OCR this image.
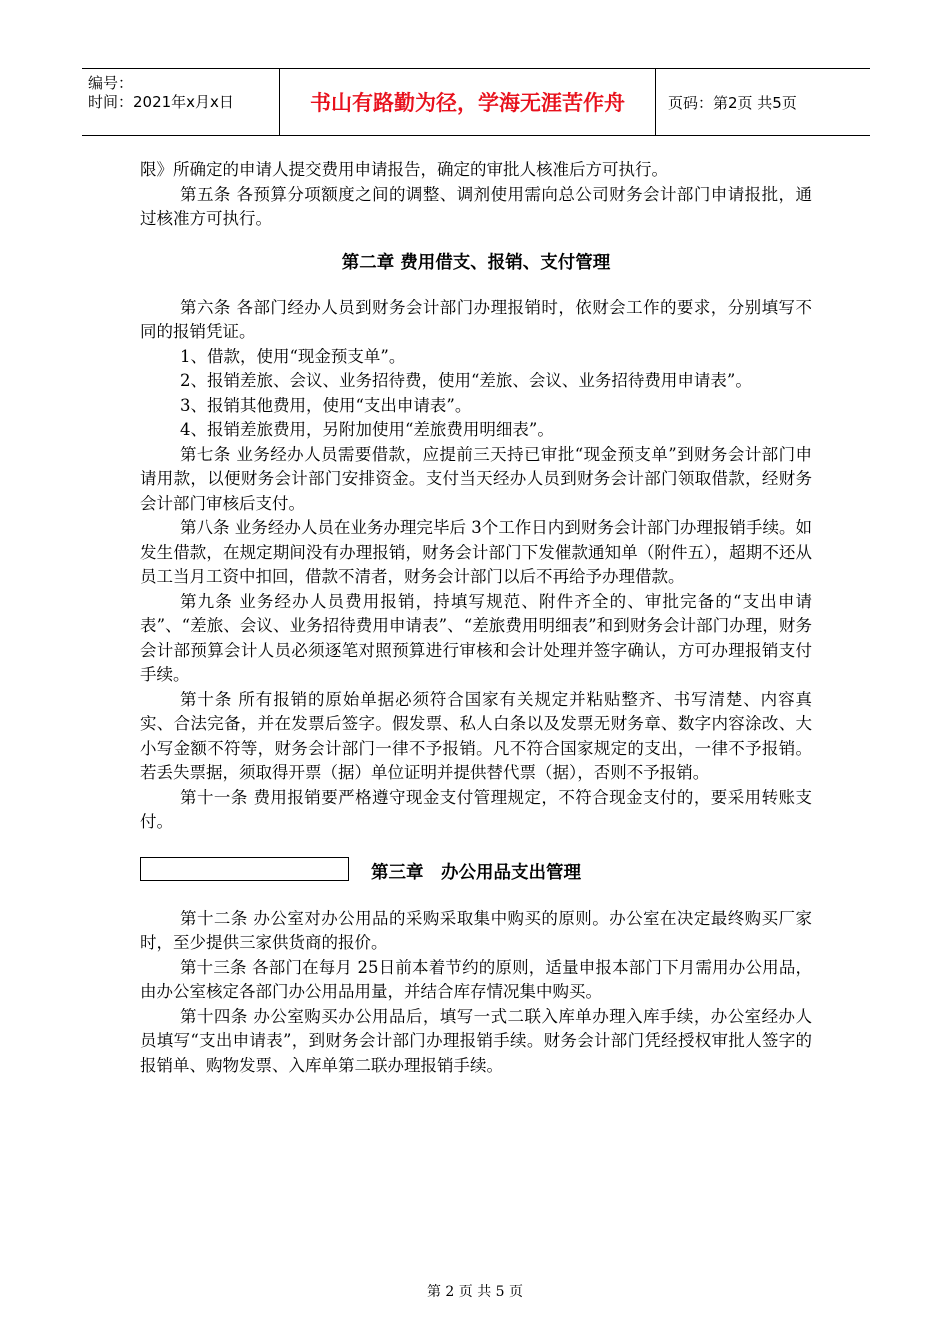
编号：
时间：2021年x月x日	书山有路勤为径，学海无涯苦作舟	页码：第2页 共5页

限》所确定的申请人提交费用申请报告，确定的审批人核准后方可执行。

第五条 各预算分项额度之间的调整、调剂使用需向总公司财务会计部门申请报批，通过核准方可执行。

第二章 费用借支、报销、支付管理

第六条 各部门经办人员到财务会计部门办理报销时，依财会工作的要求，分别填写不同的报销凭证。

1、借款，使用“现金预支单”。

2、报销差旅、会议、业务招待费，使用“差旅、会议、业务招待费用申请表”。

3、报销其他费用，使用“支出申请表”。

4、报销差旅费用，另附加使用“差旅费用明细表”。

第七条 业务经办人员需要借款，应提前三天持已审批“现金预支单”到财务会计部门申请用款，以便财务会计部门安排资金。支付当天经办人员到财务会计部门领取借款，经财务会计部门审核后支付。

第八条 业务经办人员在业务办理完毕后 3个工作日内到财务会计部门办理报销手续。如发生借款，在规定期间没有办理报销，财务会计部门下发催款通知单（附件五），超期不还从员工当月工资中扣回，借款不清者，财务会计部门以后不再给予办理借款。

第九条 业务经办人员费用报销，持填写规范、附件齐全的、审批完备的“支出申请表”、“差旅、会议、业务招待费用申请表”、“差旅费用明细表”和到财务会计部门办理，财务会计部预算会计人员必须逐笔对照预算进行审核和会计处理并签字确认，方可办理报销支付手续。

第十条 所有报销的原始单据必须符合国家有关规定并粘贴整齐、书写清楚、内容真实、合法完备，并在发票后签字。假发票、私人白条以及发票无财务章、数字内容涂改、大小写金额不符等，财务会计部门一律不予报销。凡不符合国家规定的支出，一律不予报销。若丢失票据，须取得开票（据）单位证明并提供替代票（据），否则不予报销。

第十一条 费用报销要严格遵守现金支付管理规定，不符合现金支付的，要采用转账支付。

第三章　办公用品支出管理

第十二条 办公室对办公用品的采购采取集中购买的原则。办公室在决定最终购买厂家时，至少提供三家供货商的报价。

第十三条 各部门在每月 25日前本着节约的原则，适量申报本部门下月需用办公用品，由办公室核定各部门办公用品用量，并结合库存情况集中购买。

第十四条 办公室购买办公用品后，填写一式二联入库单办理入库手续，办公室经办人员填写“支出申请表”，到财务会计部门办理报销手续。财务会计部门凭经授权审批人签字的报销单、购物发票、入库单第二联办理报销手续。

第 2 页 共 5 页
